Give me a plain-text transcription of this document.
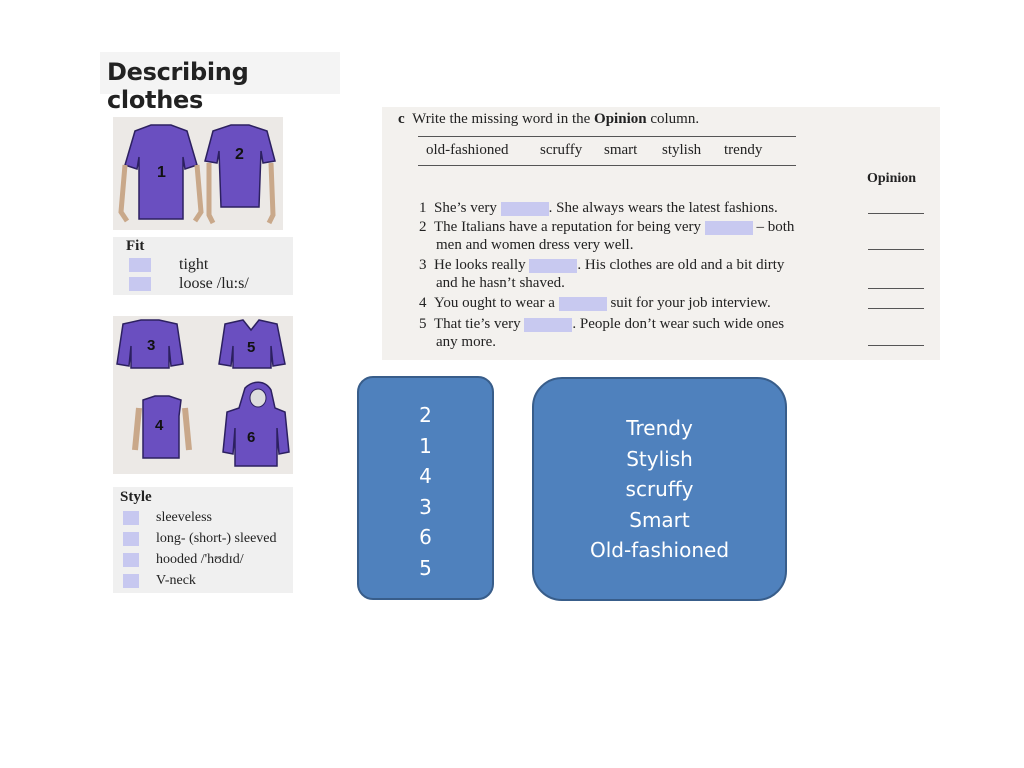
Describing clothes
1
2
Fit
tight
loose /lu:s/
3	5
4
6
Style
sleeveless
long- (short-) sleeved
hooded /'hʊdɪd/
V-neck
c Write the missing word in the Opinion column.
old-fashioned scruffy smart stylish trendy
Opinion
1 She’s very	. She always wears the latest fashions.
2 The Italians have a reputation for being very	– both
men and women dress very well.
3 He looks really	. His clothes are old and a bit dirty
and he hasn’t shaved.
4 You ought to wear a	suit for your job interview.
5 That tie’s very	. People don’t wear such wide ones
any more.
2
1
4
3
6
5
Trendy
Stylish
scruffy
Smart
Old-fashioned
